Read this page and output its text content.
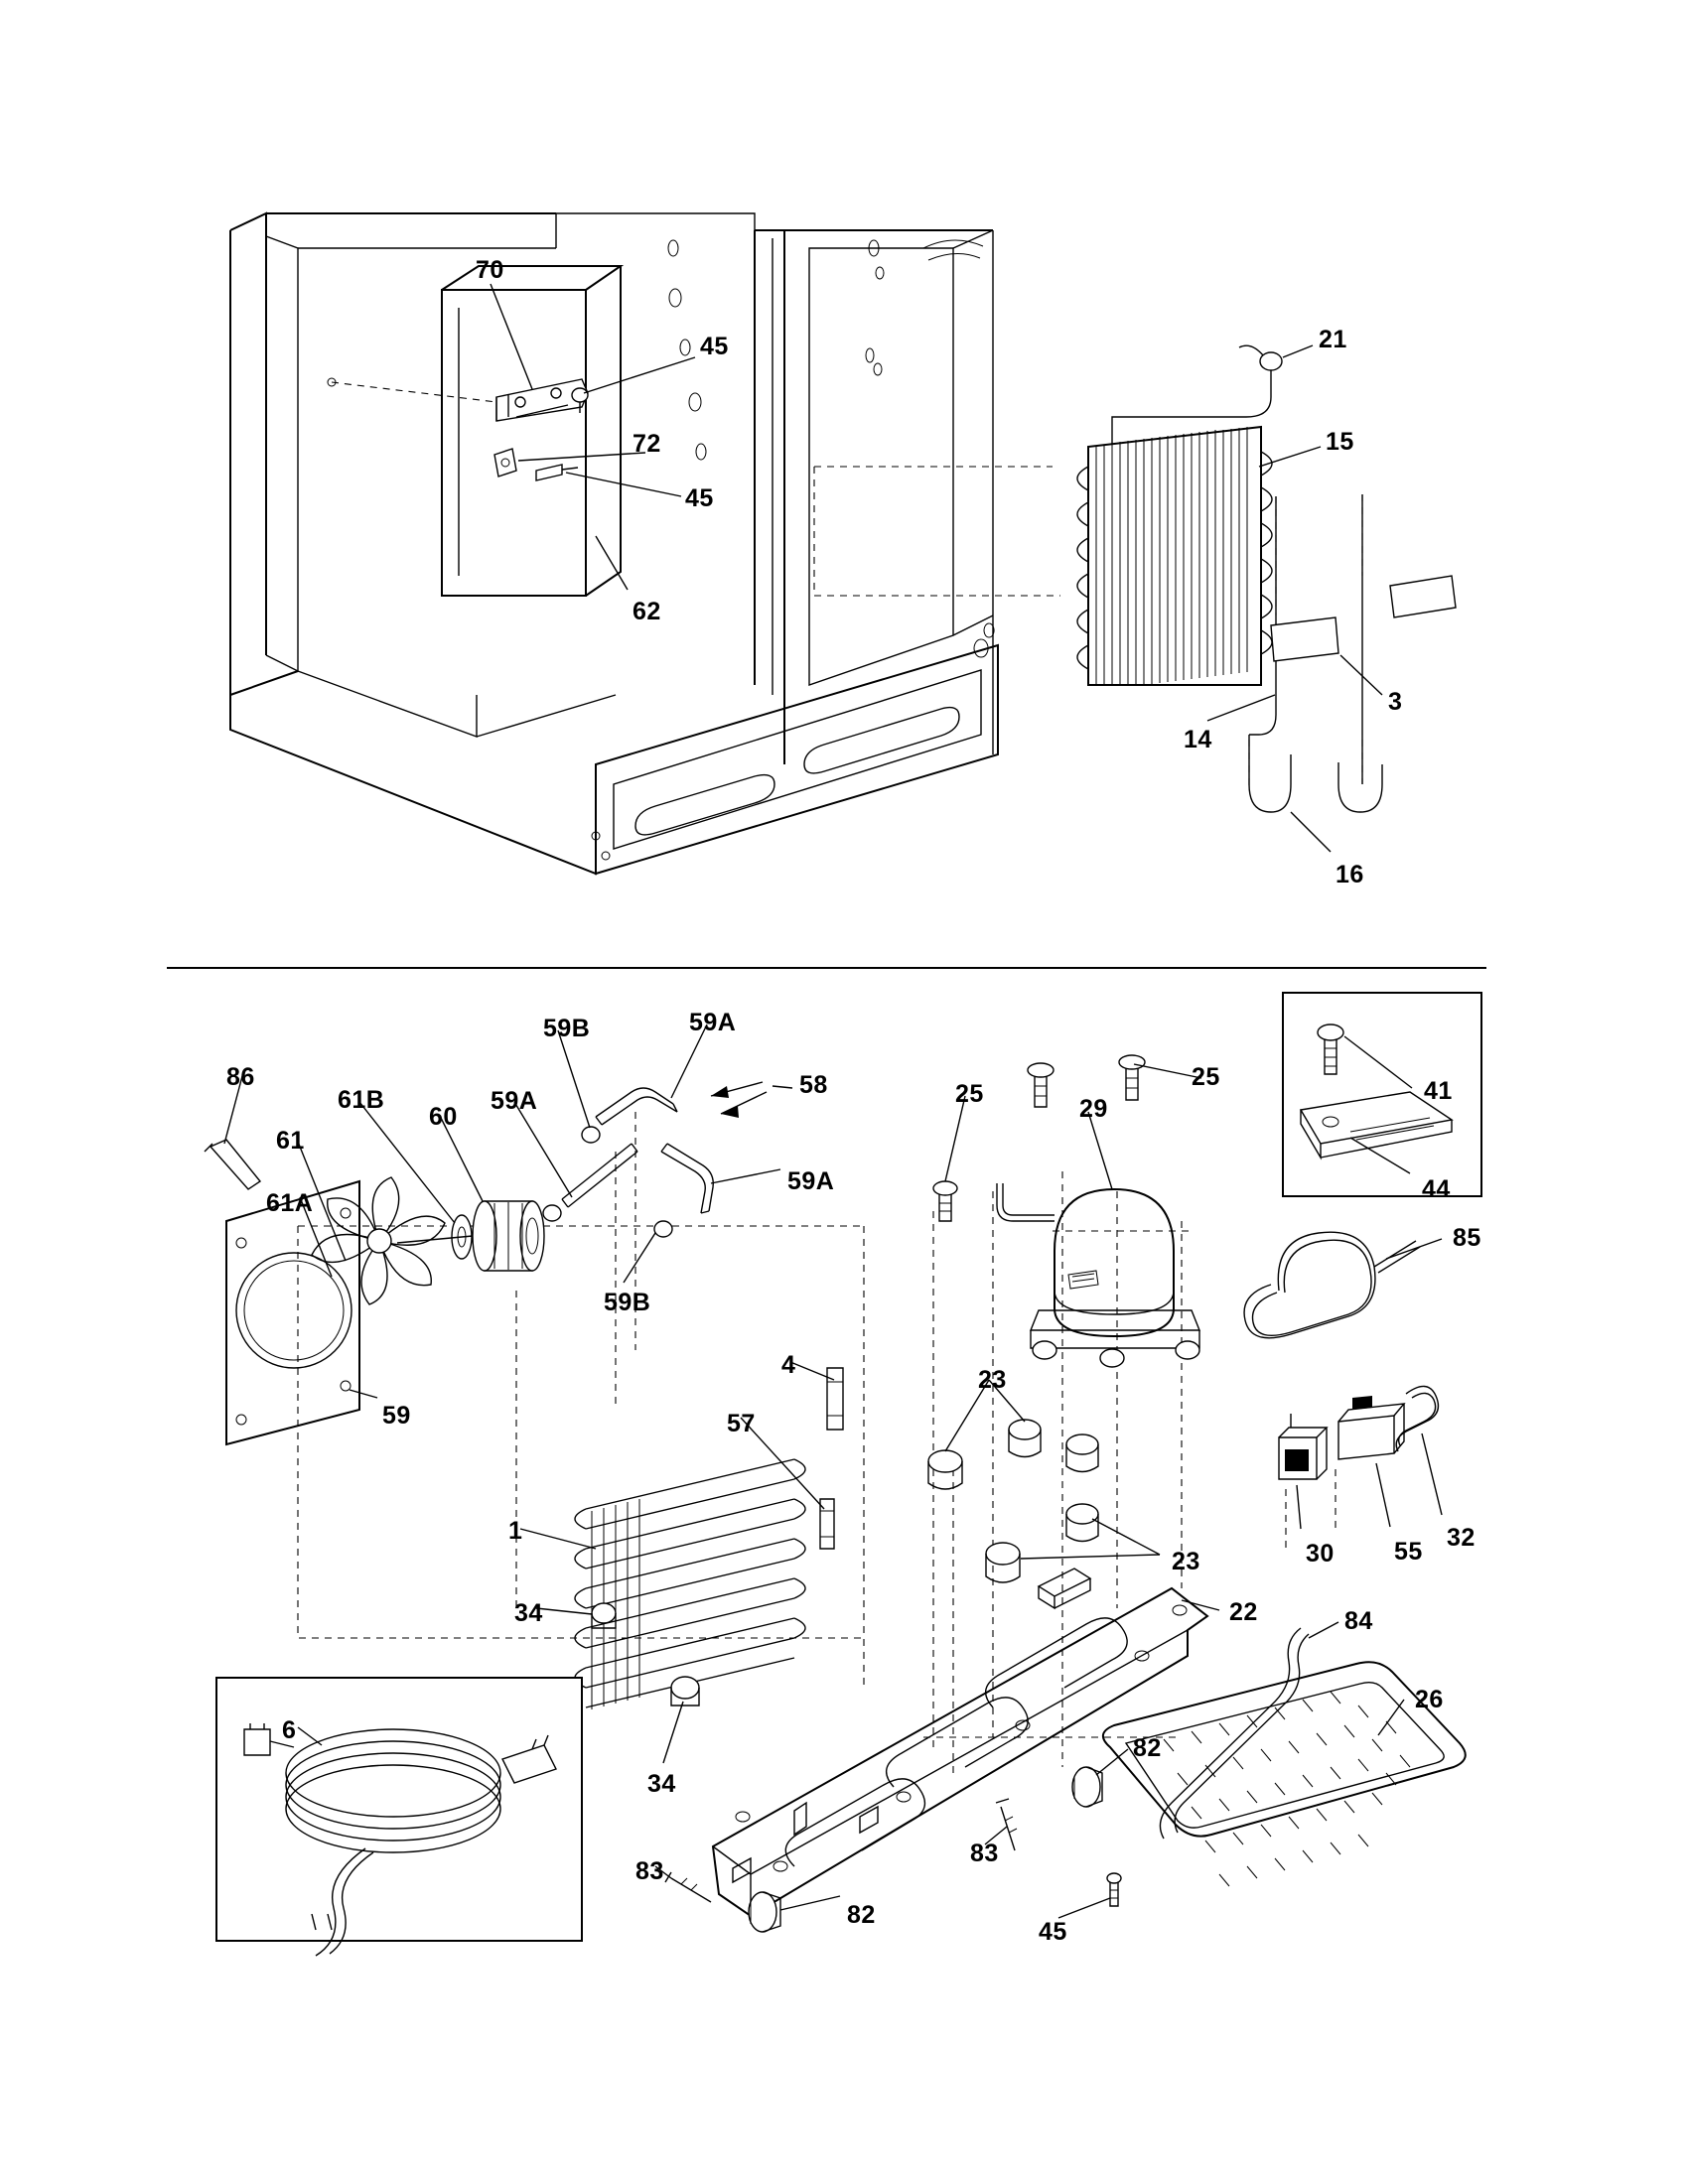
70
45
72
45
62
21
15
3
14
16
86
61
61A
61B
60
59A
59B	59A
58
59A
59B
59
25
25
29
41
44
85
4
57
23
23	30 55 32
1
34
34
22	84
26
82
82
83
83
45
6
